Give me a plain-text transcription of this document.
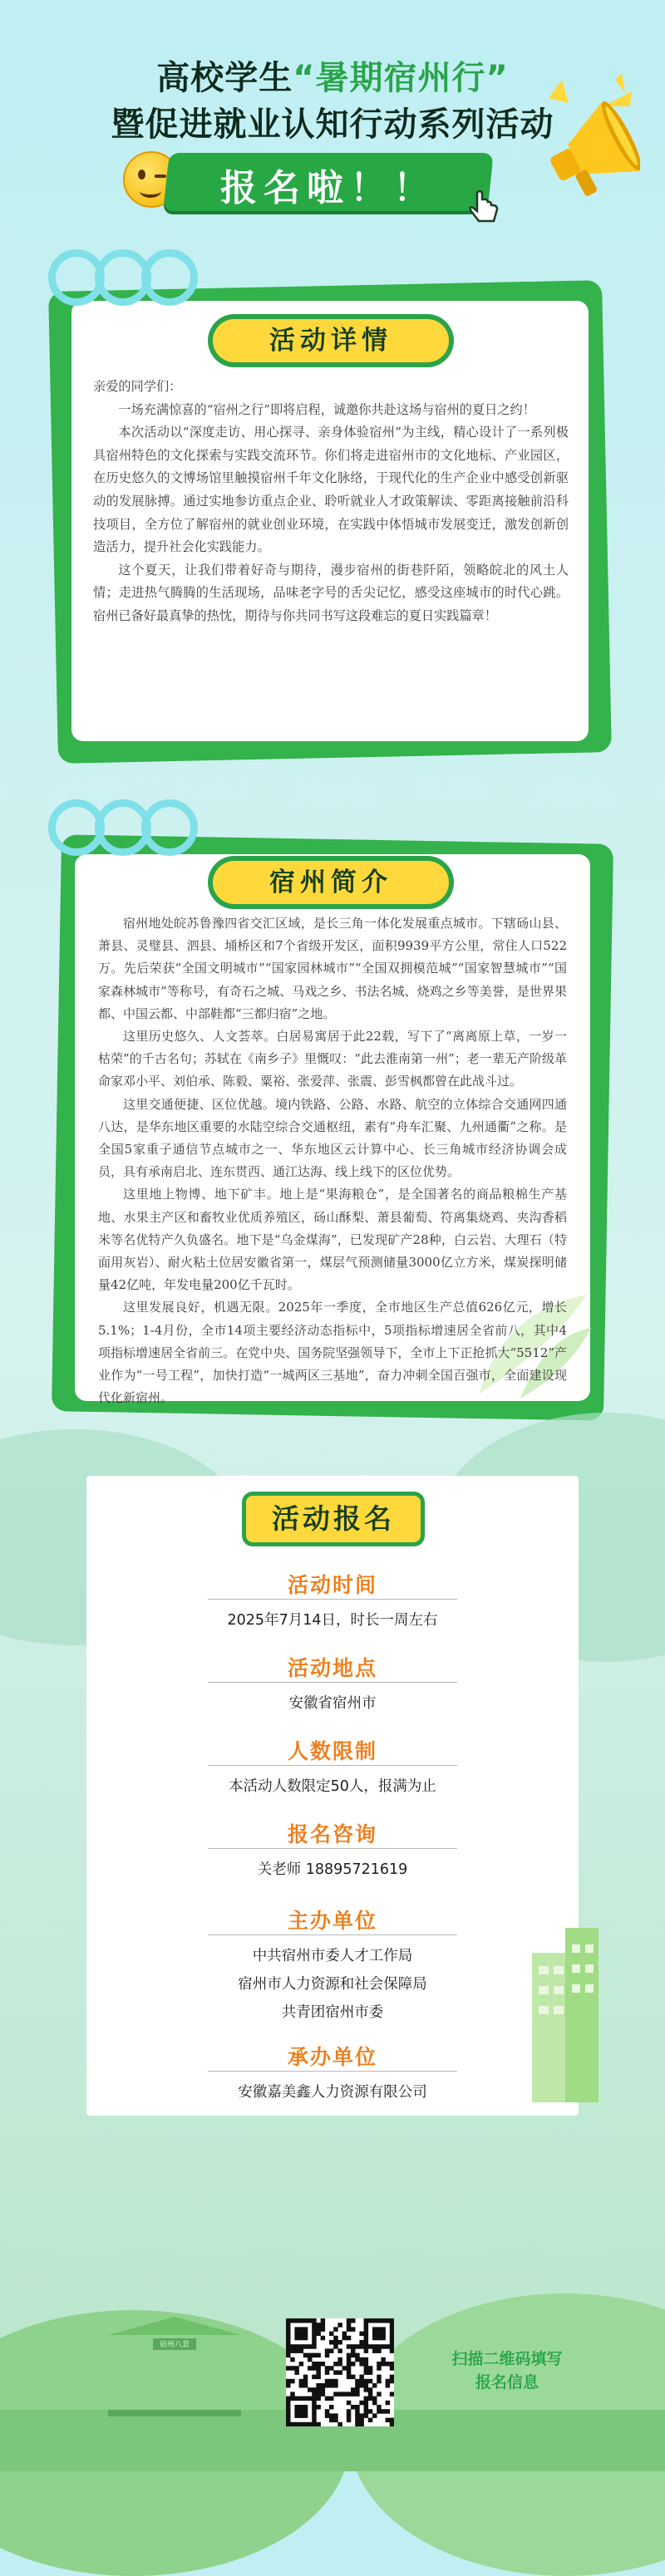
高校学生“暑期宿州行”
暨促进就业认知行动系列活动
报名啦！！
活动详情

亲爱的同学们：

一场充满惊喜的“宿州之行”即将启程，诚邀你共赴这场与宿州的夏日之约！

本次活动以“深度走访、用心探寻、亲身体验宿州”为主线，精心设计了一系列极具宿州特色的文化探索与实践交流环节。你们将走进宿州市的文化地标、产业园区，在历史悠久的文博场馆里触摸宿州千年文化脉络，于现代化的生产企业中感受创新驱动的发展脉搏。通过实地参访重点企业、聆听就业人才政策解读、零距离接触前沿科技项目，全方位了解宿州的就业创业环境，在实践中体悟城市发展变迁，激发创新创造活力，提升社会化实践能力。

这个夏天，让我们带着好奇与期待，漫步宿州的街巷阡陌，领略皖北的风土人情；走进热气腾腾的生活现场，品味老字号的舌尖记忆，感受这座城市的时代心跳。宿州已备好最真挚的热忱，期待与你共同书写这段难忘的夏日实践篇章！

宿州简介

宿州地处皖苏鲁豫四省交汇区域，是长三角一体化发展重点城市。下辖砀山县、萧县、灵璧县、泗县、埇桥区和7个省级开发区，面积9939平方公里，常住人口522万。先后荣获“全国文明城市”“国家园林城市”“全国双拥模范城”“国家智慧城市”“国家森林城市”等称号，有奇石之城、马戏之乡、书法名城、烧鸡之乡等美誉，是世界果都、中国云都、中部鞋都“三都归宿”之地。

这里历史悠久、人文荟萃。白居易寓居于此22载，写下了“离离原上草，一岁一枯荣”的千古名句；苏轼在《南乡子》里慨叹：“此去淮南第一州”；老一辈无产阶级革命家邓小平、刘伯承、陈毅、粟裕、张爱萍、张震、彭雪枫都曾在此战斗过。

这里交通便捷、区位优越。境内铁路、公路、水路、航空的立体综合交通网四通八达，是华东地区重要的水陆空综合交通枢纽，素有“舟车汇聚、九州通衢”之称。是全国5家重子通信节点城市之一、华东地区云计算中心、长三角城市经济协调会成员，具有承南启北、连东贯西、通江达海、线上线下的区位优势。

这里地上物博、地下矿丰。地上是“果海粮仓”，是全国著名的商品粮棉生产基地、水果主产区和畜牧业优质养殖区，砀山酥梨、萧县葡萄、符离集烧鸡、夹沟香稻米等名优特产久负盛名。地下是“乌金煤海”，已发现矿产28种，白云岩、大理石（特面用灰岩）、耐火粘土位居安徽省第一，煤层气预测储量3000亿立方米，煤炭探明储量42亿吨，年发电量200亿千瓦时。

这里发展良好，机遇无限。2025年一季度，全市地区生产总值626亿元，增长5.1%；1-4月份，全市14项主要经济动态指标中，5项指标增速居全省前八，其中4项指标增速居全省前三。在党中央、国务院坚强领导下，全市上下正抢抓大“5512”产业作为“一号工程”，加快打造“一城两区三基地”，奋力冲刺全国百强市，全面建设现代化新宿州。

活动报名
活动时间
2025年7月14日，时长一周左右
活动地点
安徽省宿州市
人数限制
本活动人数限定50人，报满为止
报名咨询
关老师 18895721619
主办单位
中共宿州市委人才工作局
宿州市人力资源和社会保障局
共青团宿州市委
承办单位
安徽嘉美鑫人力资源有限公司
宿州八景
扫描二维码填写
报名信息
